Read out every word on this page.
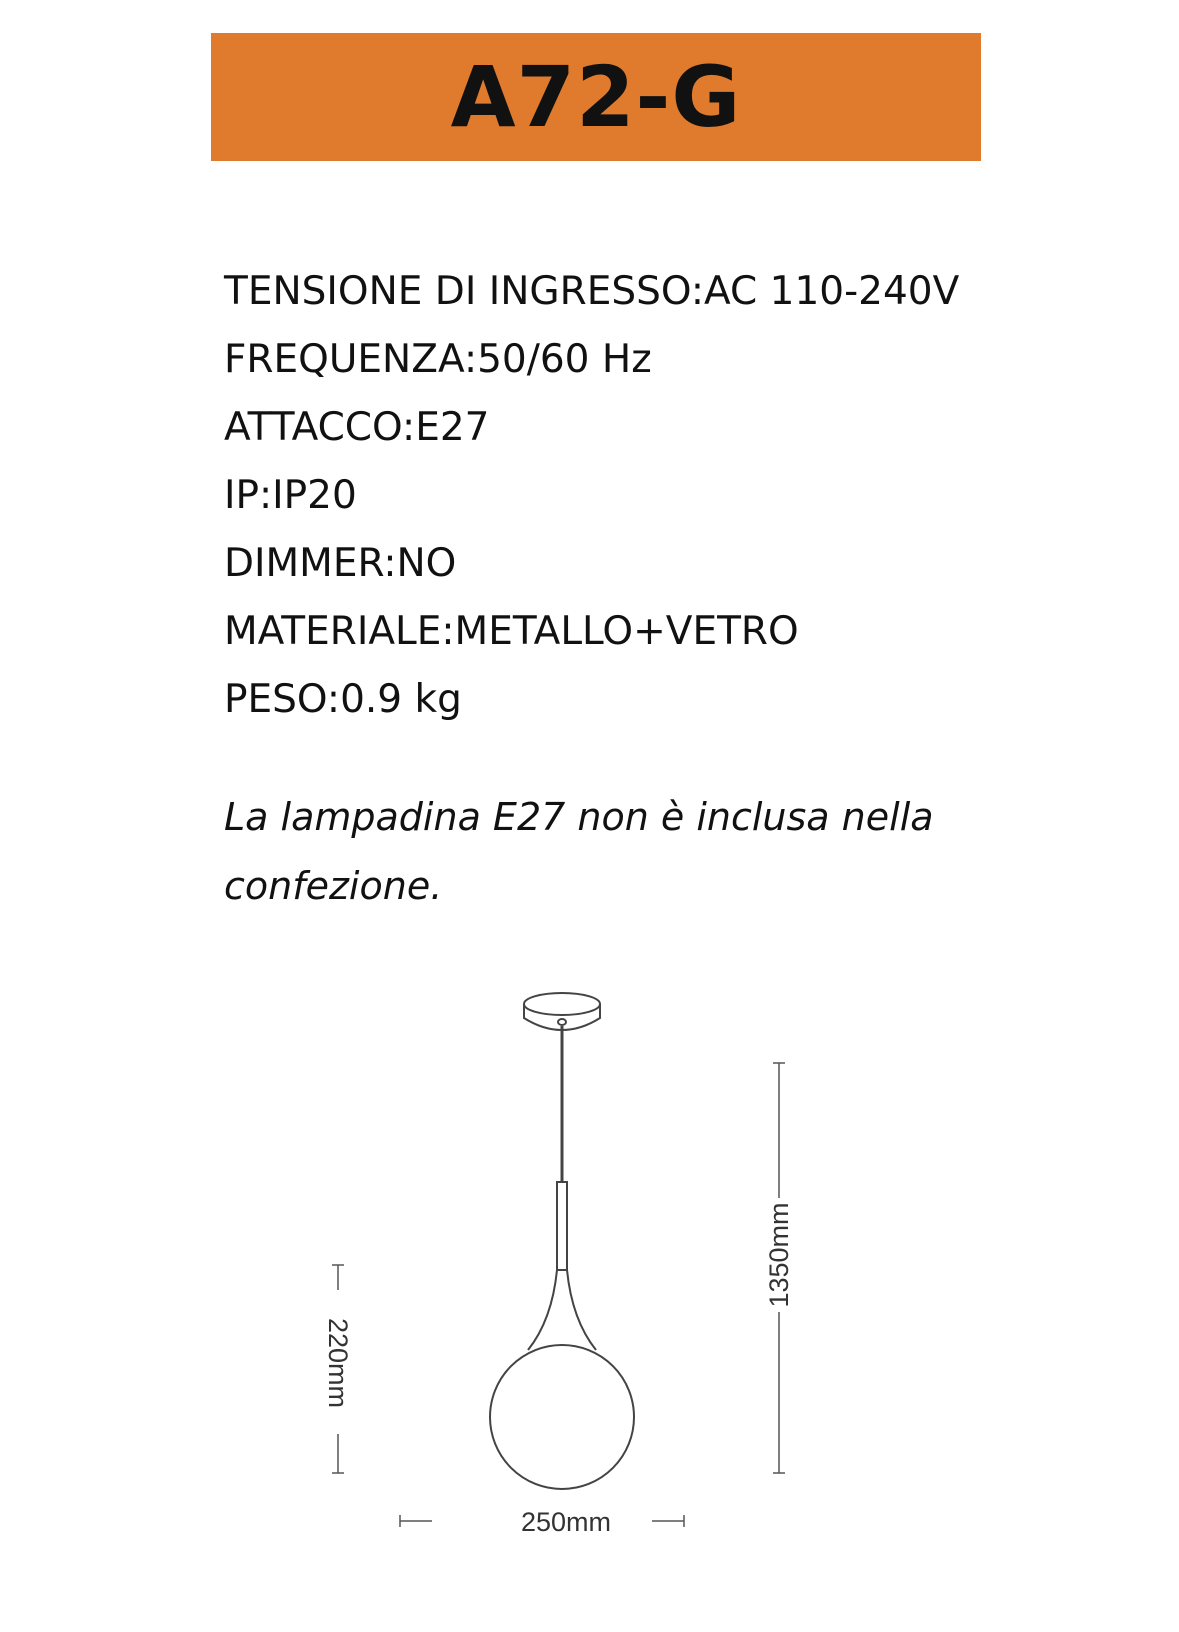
A72-G
TENSIONE DI INGRESSO:AC 110-240V
FREQUENZA:50/60 Hz
ATTACCO:E27
IP:IP20
DIMMER:NO
MATERIALE:METALLO+VETRO
PESO:0.9 kg
La lampadina E27 non è inclusa nella
confezione.
1350mm
220mm
250mm
